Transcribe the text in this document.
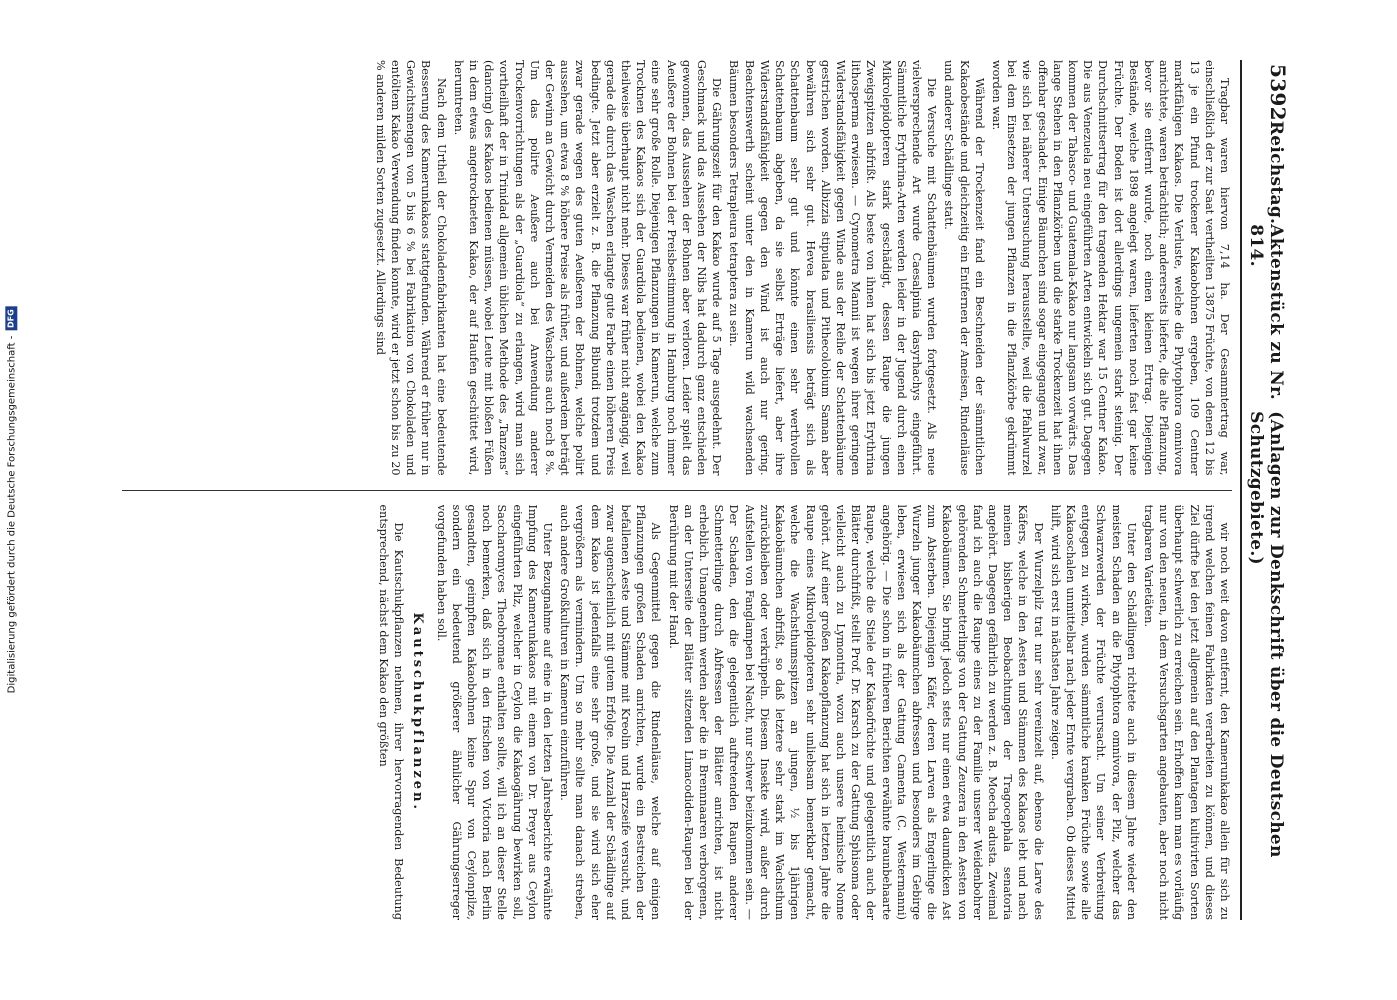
5392
Reichstag.
Aktenstück zu Nr. 814.
(Anlagen zur Denkschrift über die Deutschen Schutzgebiete.)

Tragbar waren hiervon 7,14 ha. Der Gesammtertrag war, einschließlich der zur Saat vertheilten 13875 Früchte, von denen 12 bis 13 je ein Pfund trockener Kakaobohnen ergeben, 109 Centner marktfähigen Kakaos. Die Verluste, welche die Phytophtora omnivora anrichtete, waren beträchtlich; andererseits lieferte, die alte Pflanzung, bevor sie entfernt wurde, noch einen kleinen Ertrag. Diejenigen Bestände, welche 1898 angelegt waren, lieferten noch fast gar keine Früchte. Der Boden ist dort allerdings ungemein stark steinig. Der Durchschnittsertrag für den tragenden Hektar war 15 Centner Kakao. Die aus Venezuela neu eingeführten Arten entwickeln sich gut. Dagegen kommen der Tabasco- und Guatemala-Kakao nur langsam vorwärts. Das lange Stehen in den Pflanzkörben und die starke Trockenzeit hat ihnen offenbar geschadet. Einige Bäumchen sind sogar eingegangen und zwar, wie sich bei näherer Untersuchung herausstellte, weil die Pfahlwurzel bei dem Einsetzen der jungen Pflanzen in die Pflanzkörbe gekrümmt worden war.

Während der Trockenzeit fand ein Beschneiden der sämmtlichen Kakaobestände und gleichzeitig ein Entfernen der Ameisen, Rindenläuse und anderer Schädlinge statt.

Die Versuche mit Schattenbäumen wurden fortgesetzt. Als neue vielversprechende Art wurde Caesalpinia dasyrhachys eingeführt. Sämmtliche Erythrina-Arten werden leider in der Jugend durch einen Mikrolepidopteren stark geschädigt, dessen Raupe die jungen Zweigspitzen abfrißt. Als beste von ihnen hat sich bis jetzt Erythrina lithosperma erwiesen. — Cynometra Mannii ist wegen ihrer geringen Widerstandsfähigkeit gegen Winde aus der Reihe der Schattenbäume gestrichen worden. Albizzia stipulata und Pithecolobium Saman aber bewähren sich sehr gut. Hevea brasiliensis beträgt sich als Schattenbaum sehr gut und könnte einen sehr werthvollen Schattenbaum abgeben, da sie selbst Erträge liefert, aber ihre Widerstandsfähigkeit gegen den Wind ist auch nur gering. Beachtenswerth scheint unter den in Kamerun wild wachsenden Bäumen besonders Tetrapleura tetraptera zu sein.

Die Gährungszeit für den Kakao wurde auf 5 Tage ausgedehnt. Der Geschmack und das Aussehen der Nibs hat dadurch ganz entschieden gewonnen, das Aussehen der Bohnen aber verloren. Leider spielt das Aeußere der Bohnen bei der Preisbestimmung in Hamburg noch immer eine sehr große Rolle. Diejenigen Pflanzungen in Kamerun, welche zum Trocknen des Kakaos sich der Guardiola bedienen, wobei den Kakao theilweise überhaupt nicht mehr. Dieses war früher nicht angängig, weil gerade die durch das Waschen erlangte gute Farbe einen höheren Preis bedingte. Jetzt aber erzielt z. B. die Pflanzung Bibundi trotzdem und zwar gerade wegen des guten Aeußeren der Bohnen, welche polirt aussehen, um etwa 8 % höhere Preise als früher, und außerdem beträgt der Gewinn an Gewicht durch Vermeiden des Waschens auch noch 8 %. Um das polirte Aeußere auch bei Anwendung anderer Trockenvorrichtungen als der „Guardiola“ zu erlangen, wird man sich vortheilhaft der in Trinidad allgemein üblichen Methode des „Tanzens“ (dancing) des Kakaos bedienen müssen, wobei Leute mit bloßen Füßen in dem etwas angetrockneten Kakao, der auf Haufen geschüttet wird, herumtreten.

Nach dem Urtheil der Chokoladenfabrikanten hat eine bedeutende Besserung des Kamerunkakaos stattgefunden. Während er früher nur in Gewichtsmengen von 5 bis 6 % bei Fabrikation von Chokoladen und entöltem Kakao Verwendung finden konnte, wird er jetzt schon bis zu 20 % anderen milden Sorten zugesetzt. Allerdings sind

wir noch weit davon entfernt, den Kamerunkakao allein für sich zu irgend welchen feinen Fabrikaten verarbeiten zu können, und dieses Ziel dürfte bei den jetzt allgemein auf den Plantagen kultivirten Sorten überhaupt schwerlich zu erreichen sein. Erhoffen kann man es vorläufig nur von den neuen, in dem Versuchsgarten angebauten, aber noch nicht tragbaren Varietäten.

Unter den Schädlingen richtete auch in diesem Jahre wieder den meisten Schaden an die Phytophtora omnivora, der Pilz, welcher das Schwarzwerden der Früchte verursacht. Um seiner Verbreitung entgegen zu wirken, wurden sämmtliche kranken Früchte sowie alle Kakaoschalen unmittelbar nach jeder Ernte vergraben. Ob dieses Mittel hilft, wird sich erst in nächsten Jahre zeigen.

Der Wurzelpilz trat nur sehr vereinzelt auf, ebenso die Larve des Käfers, welche in den Aesten und Stämmen des Kakaos lebt und nach meinen bisherigen Beobachtungen der Tragocephala senatoria angehört. Dagegen gefährlich zu werden z. B. Moecha adusta. Zweimal fand ich auch die Raupe eines zu der Familie unserer Weidenbohrer gehörenden Schmetterlings von der Gattung Zeuzera in den Aesten von Kakaobäumen. Sie bringt jedoch stets nur einen etwa daumdicken Ast zum Absterben. Diejenigen Käfer, deren Larven als Engerlinge die Wurzeln junger Kakaobäumchen abfressen und besonders im Gebirge leben, erwiesen sich als der Gattung Camenta (C. Westermanni) angehörig. — Die schon in früheren Berichten erwähnte braunbehaarte Raupe, welche die Stiele der Kakaofrüchte und gelegentlich auch der Blätter durchfrißt, stellt Prof. Dr. Karsch zu der Gattung Sphisoma oder vielleicht auch zu Lymontria, wozu auch unsere heimische Nonne gehört. Auf einer großen Kakaopflanzung hat sich in letzten Jahre die Raupe eines Mikrolepidopteren sehr unliebsam bemerkbar gemacht, welche die Wachsthumsspitzen an jungen, ½ bis 1jährigen Kakaobäumchen abfrißt, so daß letztere sehr stark im Wachsthum zurückbleiben oder verkrüppeln. Diesem Insekte wird, außer durch Aufstellen von Fanglampen bei Nacht, nur schwer beizukommen sein. — Der Schaden, den die gelegentlich auftretenden Raupen anderer Schmetterlinge durch Abfressen der Blätter anrichten, ist nicht erheblich. Unangenehm werden aber die in Brennnaaren verborgenen, an der Unterseite der Blätter sitzenden Limacodiden-Raupen bei der Berührung mit der Hand.

Als Gegenmittel gegen die Rindenläuse, welche auf einigen Pflanzungen großen Schaden anrichten, wurde ein Bestreichen der befallenen Aeste und Stämme mit Kreolin und Harzseife versucht, und zwar augenscheinlich mit gutem Erfolge. Die Anzahl der Schädlinge auf dem Kakao ist jedenfalls eine sehr große, und sie wird sich eher vergrößern als vermindern. Um so mehr sollte man danach streben, auch andere Großkulturen in Kamerun einzuführen.

Unter Bezugnahme auf eine in den letzten Jahresberichte erwähnte Impfung des Kamerunkakaos mit einem von Dr. Preyer aus Ceylon eingeführten Pilz, welcher in Ceylon die Kakaogährung bewirken soll, Saccharomyces Theobromae enthalten sollte, will ich an dieser Stelle noch bemerken, daß sich in den frischen von Victoria nach Berlin gesandten, geimpften Kakaobohnen keine Spur von Ceylonpilze, sondern ein bedeutend größerer ähnlicher Gährungserreger vorgefunden haben soll.

Kautschukpflanzen.

Die Kautschukpflanzen nehmen, ihrer hervorragenden Bedeutung entsprechend, nächst dem Kakao den größten

Digitalisierung gefördert durch die Deutsche Forschungsgemeinschaft -
DFG
